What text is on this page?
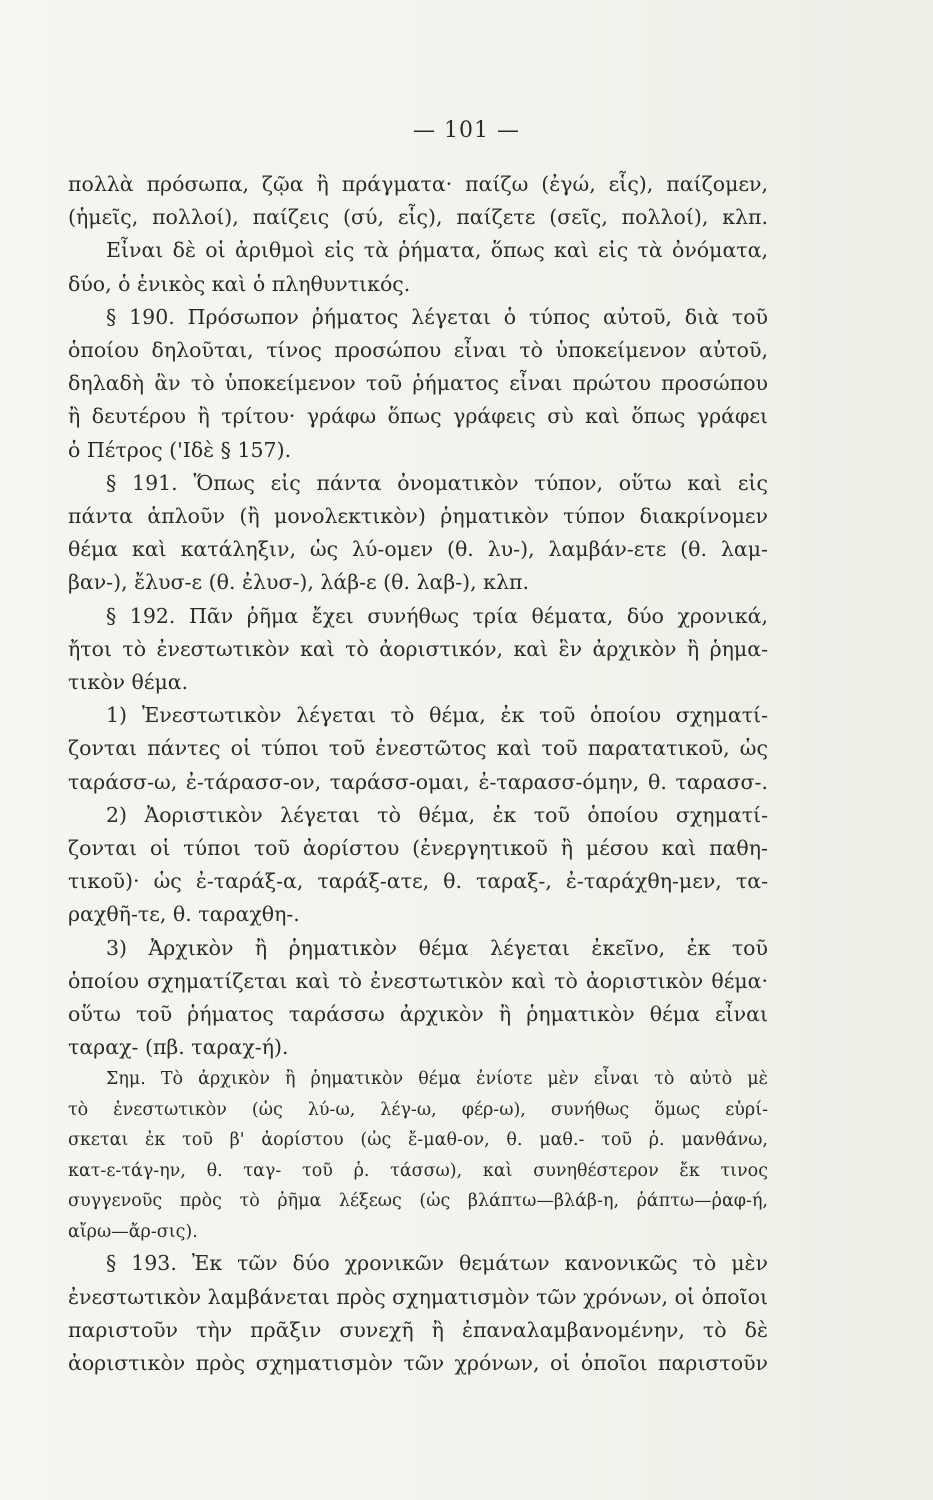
— 101 —
πολλὰ πρόσωπα, ζῷα ἢ πράγματα· παίζω (ἐγώ, εἷς), παίζομεν,
(ἡμεῖς, πολλοί), παίζεις (σύ, εἷς), παίζετε (σεῖς, πολλοί), κλπ.
Εἶναι δὲ οἱ ἀριθμοὶ εἰς τὰ ῥήματα, ὅπως καὶ εἰς τὰ ὀνόματα,
δύο, ὁ ἑνικὸς καὶ ὁ πληθυντικός.
§ 190. Πρόσωπον ῥήματος λέγεται ὁ τύπος αὐτοῦ, διὰ τοῦ
ὁποίου δηλοῦται, τίνος προσώπου εἶναι τὸ ὑποκείμενον αὐτοῦ,
δηλαδὴ ἂν τὸ ὑποκείμενον τοῦ ῥήματος εἶναι πρώτου προσώπου
ἢ δευτέρου ἢ τρίτου· γράφω ὅπως γράφεις σὺ καὶ ὅπως γράφει
ὁ Πέτρος ('Ιδὲ § 157).
§ 191. Ὅπως εἰς πάντα ὀνοματικὸν τύπον, οὕτω καὶ εἰς
πάντα ἁπλοῦν (ἢ μονολεκτικὸν) ῥηματικὸν τύπον διακρίνομεν
θέμα καὶ κατάληξιν, ὡς λύ-ομεν (θ. λυ-), λαμβάν-ετε (θ. λαμ-
βαν-), ἔλυσ-ε (θ. ἐλυσ-), λάβ-ε (θ. λαβ-), κλπ.
§ 192. Πᾶν ῥῆμα ἔχει συνήθως τρία θέματα, δύο χρονικά,
ἤτοι τὸ ἐνεστωτικὸν καὶ τὸ ἀοριστικόν, καὶ ἓν ἀρχικὸν ἢ ῥημα-
τικὸν θέμα.
1) Ἐνεστωτικὸν λέγεται τὸ θέμα, ἐκ τοῦ ὁποίου σχηματί-
ζονται πάντες οἱ τύποι τοῦ ἐνεστῶτος καὶ τοῦ παρατατικοῦ, ὡς
ταράσσ-ω, ἐ-τάρασσ-ον, ταράσσ-ομαι, ἐ-ταρασσ-όμην, θ. ταρασσ-.
2) Ἀοριστικὸν λέγεται τὸ θέμα, ἐκ τοῦ ὁποίου σχηματί-
ζονται οἱ τύποι τοῦ ἀορίστου (ἐνεργητικοῦ ἢ μέσου καὶ παθη-
τικοῦ)· ὡς ἐ-ταράξ-α, ταράξ-ατε, θ. ταραξ-, ἐ-ταράχθη-μεν, τα-
ραχθῆ-τε, θ. ταραχθη-.
3) Ἀρχικὸν ἢ ῥηματικὸν θέμα λέγεται ἐκεῖνο, ἐκ τοῦ
ὁποίου σχηματίζεται καὶ τὸ ἐνεστωτικὸν καὶ τὸ ἀοριστικὸν θέμα·
οὕτω τοῦ ῥήματος ταράσσω ἀρχικὸν ἢ ῥηματικὸν θέμα εἶναι
ταραχ- (πβ. ταραχ-ή).
Σημ. Τὸ ἀρχικὸν ἢ ῥηματικὸν θέμα ἐνίοτε μὲν εἶναι τὸ αὐτὸ μὲ
τὸ ἐνεστωτικὸν (ὡς λύ-ω, λέγ-ω, φέρ-ω), συνήθως ὅμως εὑρί-
σκεται ἐκ τοῦ β' ἀορίστου (ὡς ἔ-μαθ-ον, θ. μαθ.- τοῦ ῥ. μανθάνω,
κατ-ε-τάγ-ην, θ. ταγ- τοῦ ῥ. τάσσω), καὶ συνηθέστερον ἔκ τινος
συγγενοῦς πρὸς τὸ ῥῆμα λέξεως (ὡς βλάπτω—βλάβ-η, ῥάπτω—ῥαφ-ή,
αἴρω—ἄρ-σις).
§ 193. Ἐκ τῶν δύο χρονικῶν θεμάτων κανονικῶς τὸ μὲν
ἐνεστωτικὸν λαμβάνεται πρὸς σχηματισμὸν τῶν χρόνων, οἱ ὁποῖοι
παριστοῦν τὴν πρᾶξιν συνεχῆ ἢ ἐπαναλαμβανομένην, τὸ δὲ
ἀοριστικὸν πρὸς σχηματισμὸν τῶν χρόνων, οἱ ὁποῖοι παριστοῦν
